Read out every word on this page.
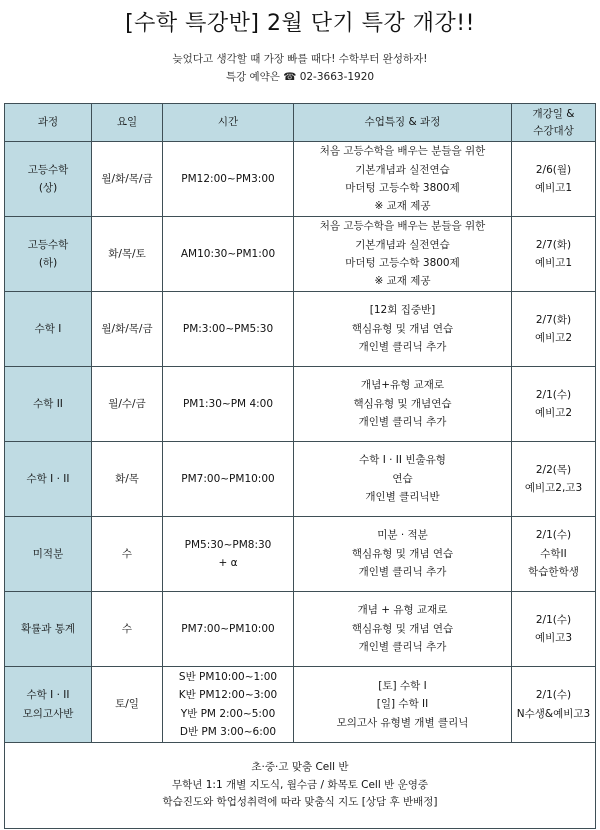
[수학 특강반] 2월 단기 특강 개강!!
늦었다고 생각할 때 가장 빠를 때다! 수학부터 완성하자!
특강 예약은 ☎ 02-3663-1920
과정	요일	시간	수업특징 & 과정	개강일 &
수강대상

고등수학
(상)	월/화/목/금	PM12:00~PM3:00	처음 고등수학을 배우는 분들을 위한
기본개념과 실전연습
마더텅 고등수학 3800제
※ 교재 제공	2/6(월)
예비고1

고등수학
(하)	화/목/토	AM10:30~PM1:00	처음 고등수학을 배우는 분들을 위한
기본개념과 실전연습
마더텅 고등수학 3800제
※ 교재 제공	2/7(화)
예비고1

수학 I	월/화/목/금	PM:3:00~PM5:30	[12회 집중반]
핵심유형 및 개념 연습
개인별 클리닉 추가	2/7(화)
예비고2

수학 II	월/수/금	PM1:30~PM 4:00	개념+유형 교재로
핵심유형 및 개념연습
개인별 클리닉 추가	2/1(수)
예비고2

수학 I · II	화/목	PM7:00~PM10:00	수학 I · II 빈출유형
연습
개인별 클리닉반	2/2(목)
예비고2,고3

미적분	수	PM5:30~PM8:30
+ α	미분 · 적분
핵심유형 및 개념 연습
개인별 클리닉 추가	2/1(수)
수학II
학습한학생

확률과 통계	수	PM7:00~PM10:00	개념 + 유형 교재로
핵심유형 및 개념 연습
개인별 클리닉 추가	2/1(수)
예비고3

수학 I · II
모의고사반	토/일	S반 PM10:00~1:00
K반 PM12:00~3:00
Y반 PM 2:00~5:00
D반 PM 3:00~6:00	[토] 수학 I
[일] 수학 II
모의고사 유형별 개별 클리닉	2/1(수)
N수생&예비고3

초·중·고 맞춤 Cell 반
무학년 1:1 개별 지도식, 월수금 / 화목토 Cell 반 운영중
학습진도와 학업성취력에 따라 맞춤식 지도 [상담 후 반배정]				
